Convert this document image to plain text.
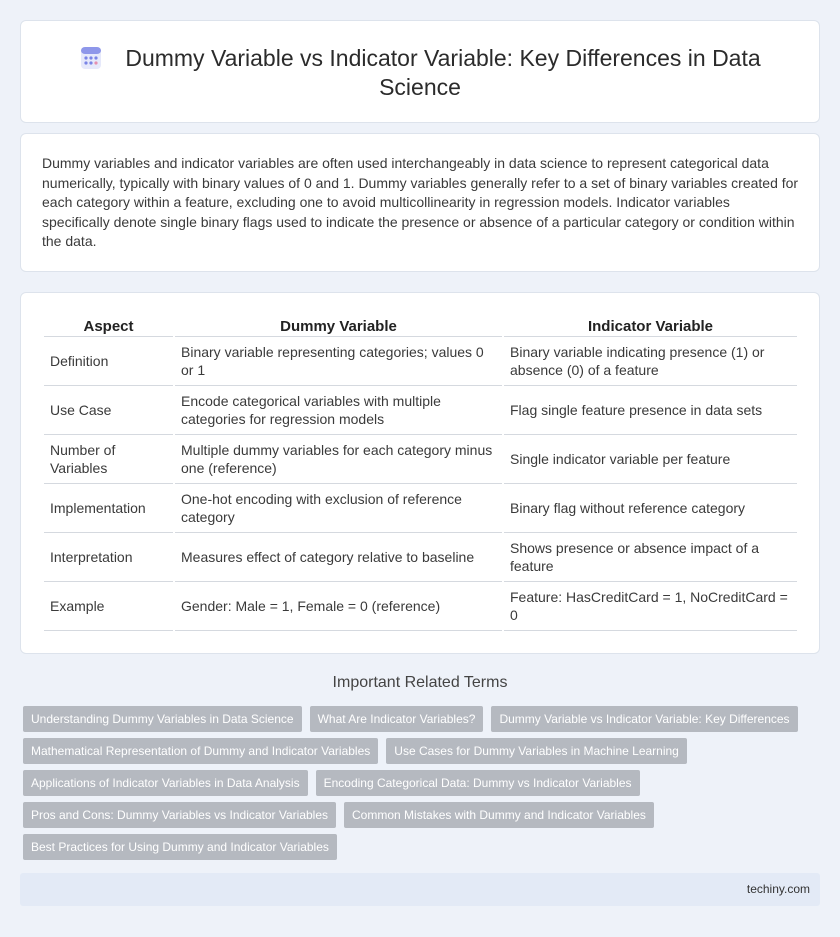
Dummy Variable vs Indicator Variable: Key Differences in Data Science

Dummy variables and indicator variables are often used interchangeably in data science to represent categorical data numerically, typically with binary values of 0 and 1. Dummy variables generally refer to a set of binary variables created for each category within a feature, excluding one to avoid multicollinearity in regression models. Indicator variables specifically denote single binary flags used to indicate the presence or absence of a particular category or condition within the data.

Aspect	Dummy Variable	Indicator Variable
Definition	Binary variable representing categories; values 0 or 1	Binary variable indicating presence (1) or absence (0) of a feature
Use Case	Encode categorical variables with multiple categories for regression models	Flag single feature presence in data sets
Number of Variables	Multiple dummy variables for each category minus one (reference)	Single indicator variable per feature
Implementation	One-hot encoding with exclusion of reference category	Binary flag without reference category
Interpretation	Measures effect of category relative to baseline	Shows presence or absence impact of a feature
Example	Gender: Male = 1, Female = 0 (reference)	Feature: HasCreditCard = 1, NoCreditCard = 0
Important Related Terms
Understanding Dummy Variables in Data Science	What Are Indicator Variables?	Dummy Variable vs Indicator Variable: Key Differences
Mathematical Representation of Dummy and Indicator Variables	Use Cases for Dummy Variables in Machine Learning
Applications of Indicator Variables in Data Analysis	Encoding Categorical Data: Dummy vs Indicator Variables
Pros and Cons: Dummy Variables vs Indicator Variables	Common Mistakes with Dummy and Indicator Variables
Best Practices for Using Dummy and Indicator Variables
techiny.com
